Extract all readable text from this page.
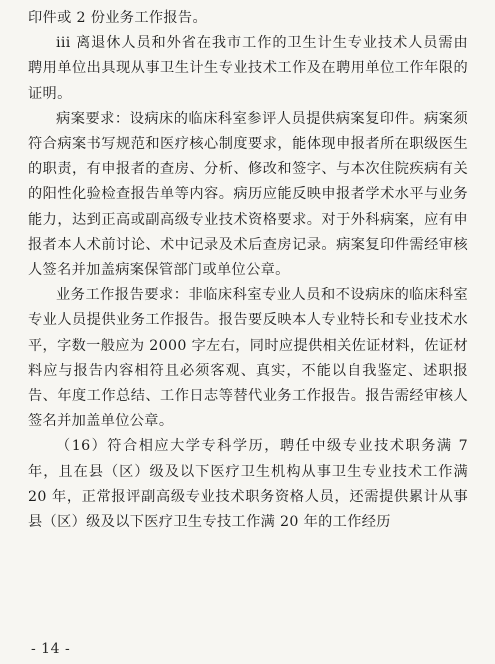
印件或 2 份业务工作报告。

iii 离退休人员和外省在我市工作的卫生计生专业技术人员需由聘用单位出具现从事卫生计生专业技术工作及在聘用单位工作年限的证明。

病案要求：设病床的临床科室参评人员提供病案复印件。病案须符合病案书写规范和医疗核心制度要求，能体现申报者所在职级医生的职责，有申报者的查房、分析、修改和签字、与本次住院疾病有关的阳性化验检查报告单等内容。病历应能反映申报者学术水平与业务能力，达到正高或副高级专业技术资格要求。对于外科病案，应有申报者本人术前讨论、术中记录及术后查房记录。病案复印件需经审核人签名并加盖病案保管部门或单位公章。

业务工作报告要求：非临床科室专业人员和不设病床的临床科室专业人员提供业务工作报告。报告要反映本人专业特长和专业技术水平，字数一般应为 2000 字左右，同时应提供相关佐证材料，佐证材料应与报告内容相符且必须客观、真实，不能以自我鉴定、述职报告、年度工作总结、工作日志等替代业务工作报告。报告需经审核人签名并加盖单位公章。

（16）符合相应大学专科学历，聘任中级专业技术职务满 7 年，且在县（区）级及以下医疗卫生机构从事卫生专业技术工作满 20 年，正常报评副高级专业技术职务资格人员，还需提供累计从事县（区）级及以下医疗卫生专技工作满 20 年的工作经历

- 14 -
